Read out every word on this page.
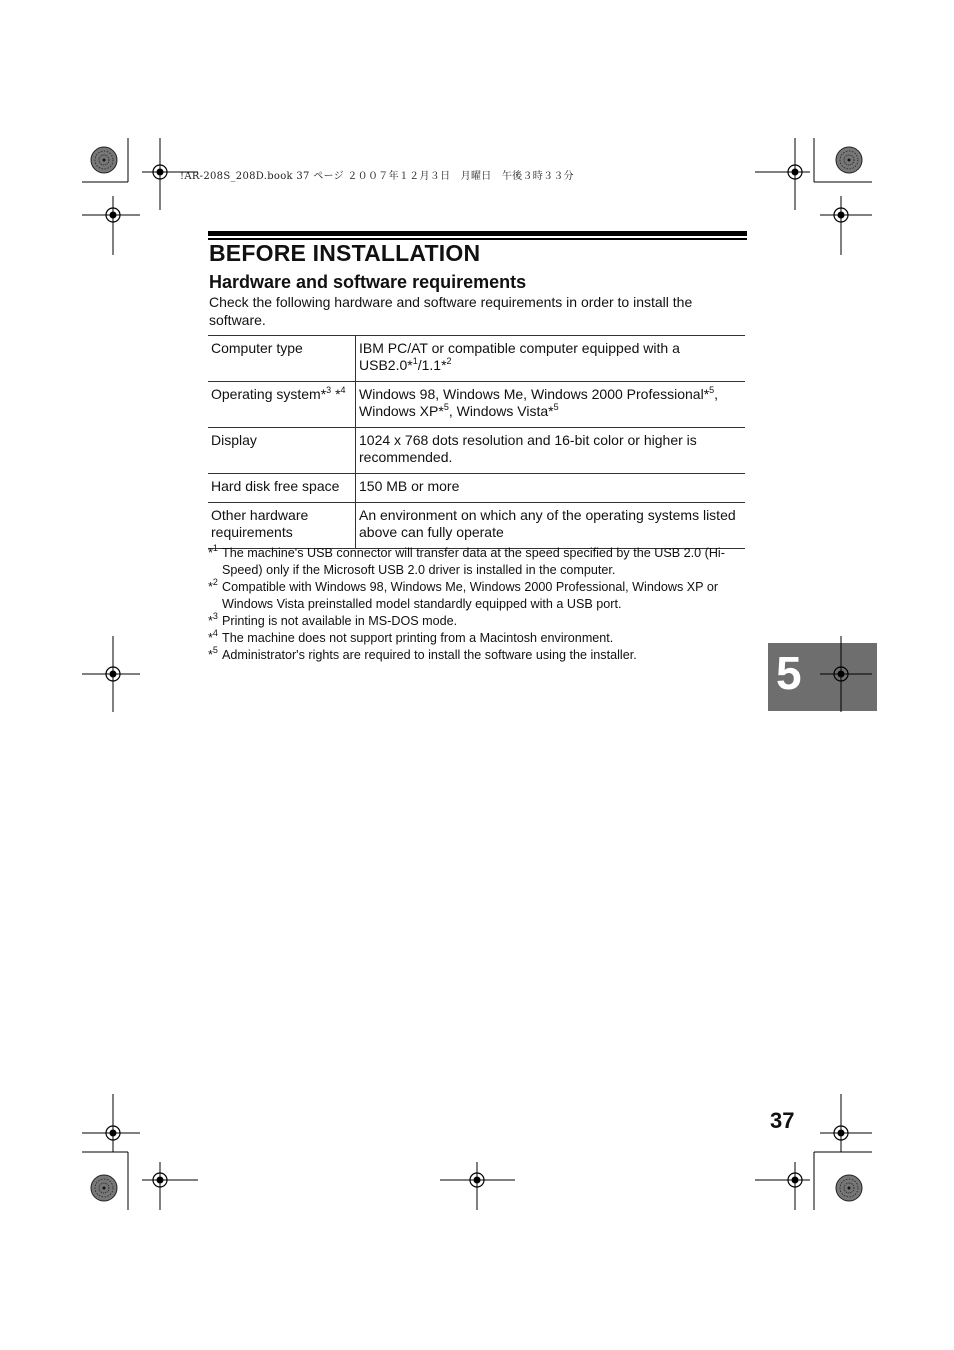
!AR-208S_208D.book 37 ページ ２００７年１２月３日　月曜日　午後３時３３分
BEFORE INSTALLATION
Hardware and software requirements
Check the following hardware and software requirements in order to install the software.
Computer type	IBM PC/AT or compatible computer equipped with a USB2.0*$^1$/1.1*$^2$
Operating system*$^3$ *$^4$	Windows 98, Windows Me, Windows 2000 Professional*$^5$, Windows XP*$^5$, Windows Vista*$^5$
Display	1024 x 768 dots resolution and 16-bit color or higher is recommended.
Hard disk free space	150 MB or more
Other hardware requirements	An environment on which any of the operating systems listed above can fully operate
*$^1$ The machine's USB connector will transfer data at the speed specified by the USB 2.0 (Hi-Speed) only if the Microsoft USB 2.0 driver is installed in the computer.
*$^2$ Compatible with Windows 98, Windows Me, Windows 2000 Professional, Windows XP or Windows Vista preinstalled model standardly equipped with a USB port.
*$^3$ Printing is not available in MS-DOS mode.
*$^4$ The machine does not support printing from a Macintosh environment.
*$^5$ Administrator's rights are required to install the software using the installer.	5
37
